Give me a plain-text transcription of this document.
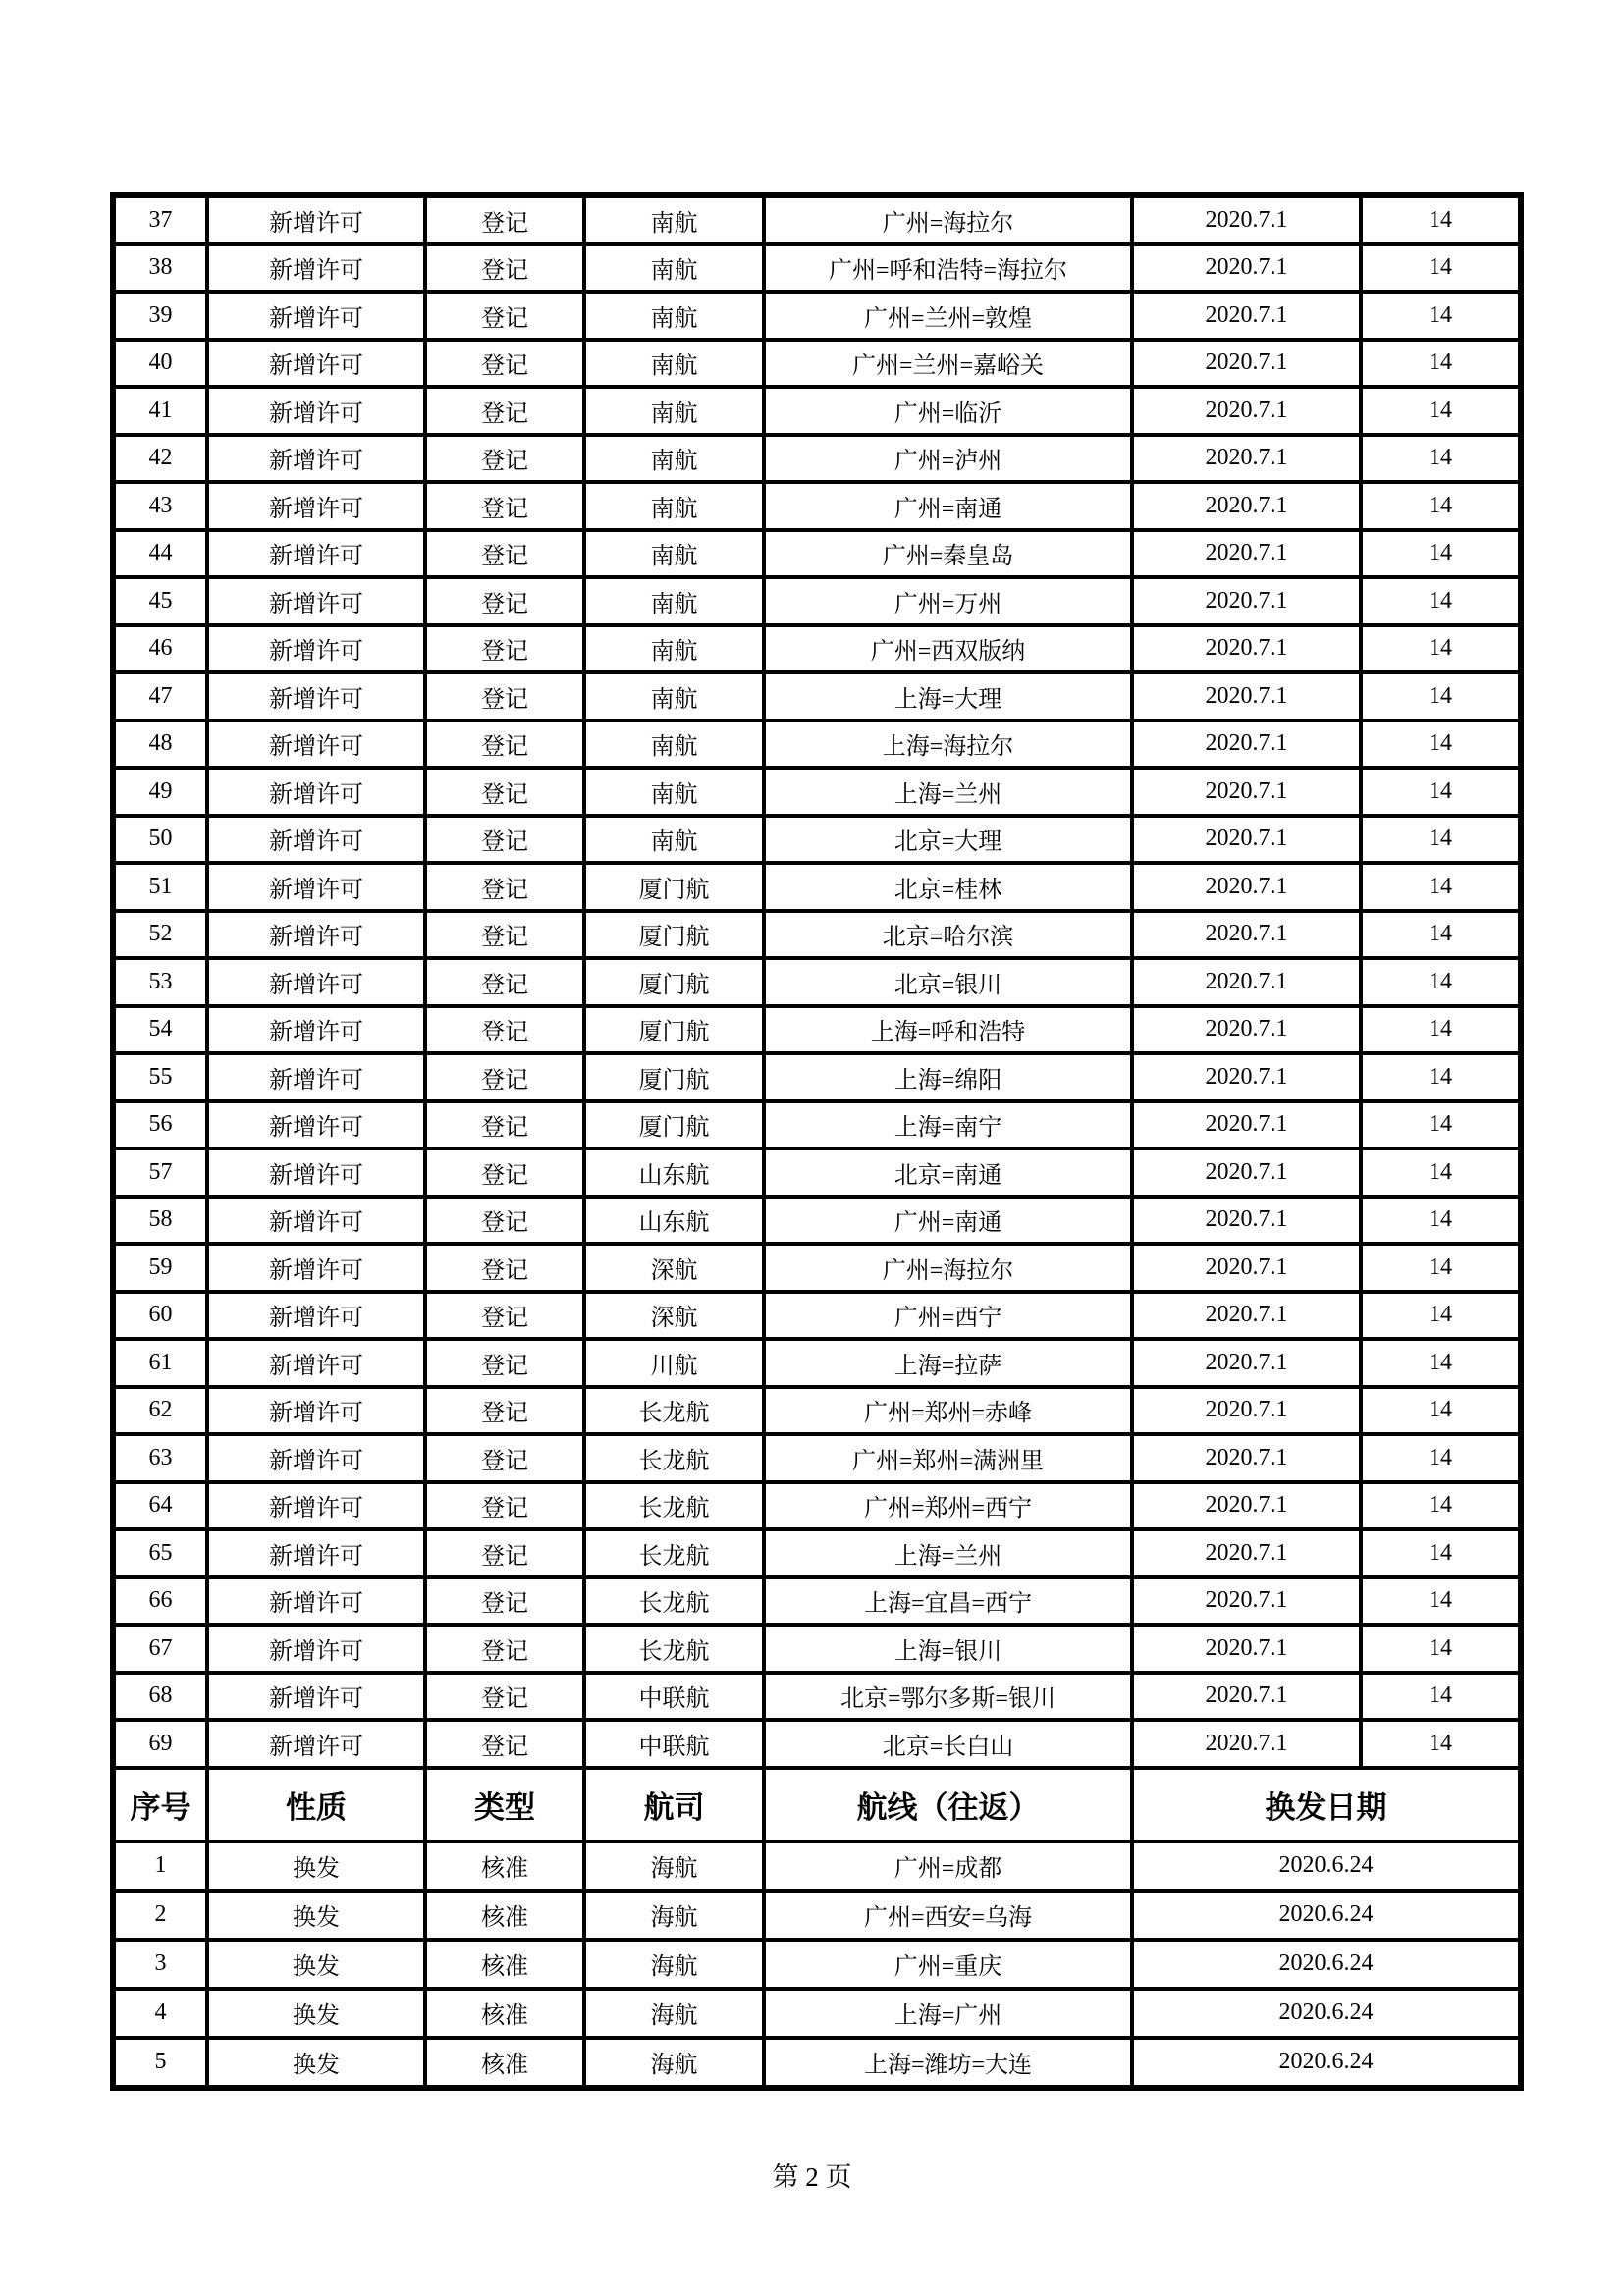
37	新增许可	登记	南航	广州=海拉尔	2020.7.1	14
38	新增许可	登记	南航	广州=呼和浩特=海拉尔	2020.7.1	14
39	新增许可	登记	南航	广州=兰州=敦煌	2020.7.1	14
40	新增许可	登记	南航	广州=兰州=嘉峪关	2020.7.1	14
41	新增许可	登记	南航	广州=临沂	2020.7.1	14
42	新增许可	登记	南航	广州=泸州	2020.7.1	14
43	新增许可	登记	南航	广州=南通	2020.7.1	14
44	新增许可	登记	南航	广州=秦皇岛	2020.7.1	14
45	新增许可	登记	南航	广州=万州	2020.7.1	14
46	新增许可	登记	南航	广州=西双版纳	2020.7.1	14
47	新增许可	登记	南航	上海=大理	2020.7.1	14
48	新增许可	登记	南航	上海=海拉尔	2020.7.1	14
49	新增许可	登记	南航	上海=兰州	2020.7.1	14
50	新增许可	登记	南航	北京=大理	2020.7.1	14
51	新增许可	登记	厦门航	北京=桂林	2020.7.1	14
52	新增许可	登记	厦门航	北京=哈尔滨	2020.7.1	14
53	新增许可	登记	厦门航	北京=银川	2020.7.1	14
54	新增许可	登记	厦门航	上海=呼和浩特	2020.7.1	14
55	新增许可	登记	厦门航	上海=绵阳	2020.7.1	14
56	新增许可	登记	厦门航	上海=南宁	2020.7.1	14
57	新增许可	登记	山东航	北京=南通	2020.7.1	14
58	新增许可	登记	山东航	广州=南通	2020.7.1	14
59	新增许可	登记	深航	广州=海拉尔	2020.7.1	14
60	新增许可	登记	深航	广州=西宁	2020.7.1	14
61	新增许可	登记	川航	上海=拉萨	2020.7.1	14
62	新增许可	登记	长龙航	广州=郑州=赤峰	2020.7.1	14
63	新增许可	登记	长龙航	广州=郑州=满洲里	2020.7.1	14
64	新增许可	登记	长龙航	广州=郑州=西宁	2020.7.1	14
65	新增许可	登记	长龙航	上海=兰州	2020.7.1	14
66	新增许可	登记	长龙航	上海=宜昌=西宁	2020.7.1	14
67	新增许可	登记	长龙航	上海=银川	2020.7.1	14
68	新增许可	登记	中联航	北京=鄂尔多斯=银川	2020.7.1	14
69	新增许可	登记	中联航	北京=长白山	2020.7.1	14
序号	性质	类型	航司	航线（往返）	换发日期	
1	换发	核准	海航	广州=成都	2020.6.24	
2	换发	核准	海航	广州=西安=乌海	2020.6.24	
3	换发	核准	海航	广州=重庆	2020.6.24	
4	换发	核准	海航	上海=广州	2020.6.24	
5	换发	核准	海航	上海=潍坊=大连	2020.6.24	
第 2 页
